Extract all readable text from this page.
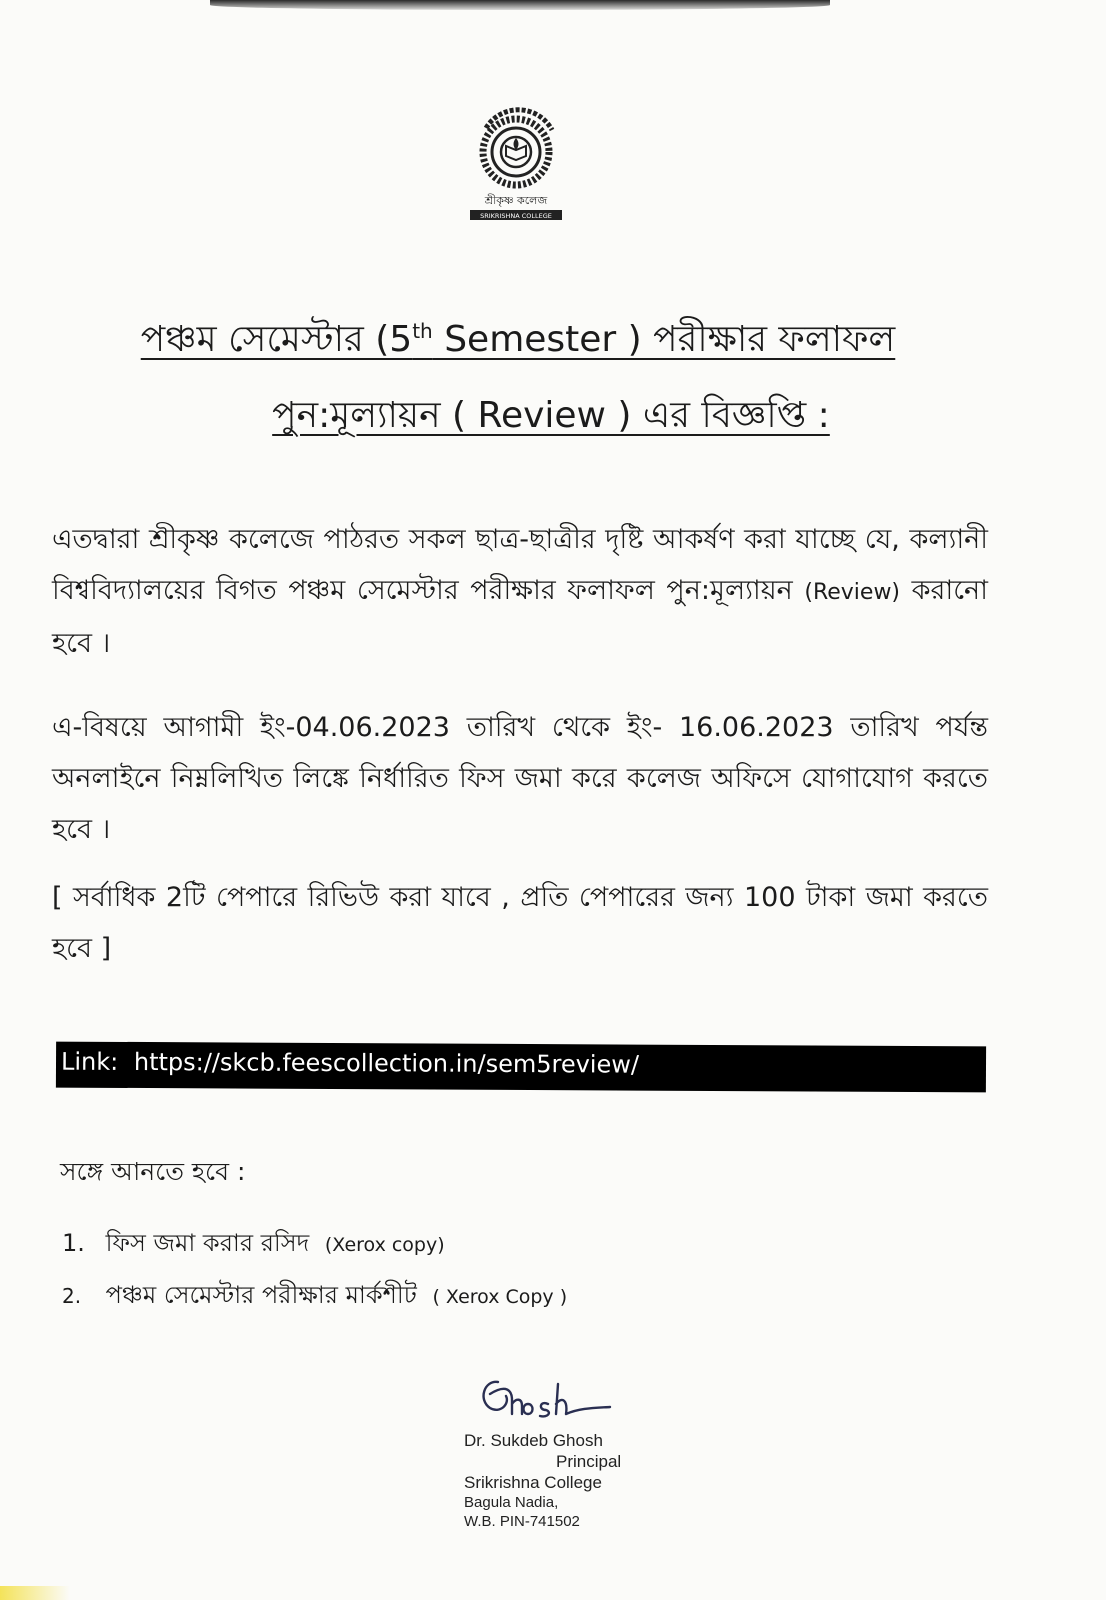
শ্রীকৃষ্ণ কলেজ
SRIKRISHNA COLLEGE
পঞ্চম সেমেস্টার (5th Semester ) পরীক্ষার ফলাফল
পুন:মূল্যায়ন ( Review ) এর বিজ্ঞপ্তি :
এতদ্বারা শ্রীকৃষ্ণ কলেজে পাঠরত সকল ছাত্র-ছাত্রীর দৃষ্টি আকর্ষণ করা যাচ্ছে যে, কল্যানী বিশ্ববিদ্যালয়ের বিগত পঞ্চম সেমেস্টার পরীক্ষার ফলাফল পুন:মূল্যায়ন (Review) করানো হবে ।
এ-বিষয়ে আগামী ইং-04.06.2023 তারিখ থেকে ইং- 16.06.2023 তারিখ পর্যন্ত অনলাইনে নিম্নলিখিত লিঙ্কে নির্ধারিত ফিস জমা করে কলেজ অফিসে যোগাযোগ করতে হবে ।
[ সর্বাধিক 2টি পেপারে রিভিউ করা যাবে , প্রতি পেপারের জন্য 100 টাকা জমা করতে হবে ]
Link: https://skcb.feescollection.in/sem5review/
সঙ্গে আনতে হবে :
1. ফিস জমা করার রসিদ (Xerox copy)
2. পঞ্চম সেমেস্টার পরীক্ষার মার্কশীট ( Xerox Copy )
Dr. Sukdeb Ghosh
Principal
Srikrishna College
Bagula Nadia,
W.B. PIN-741502
